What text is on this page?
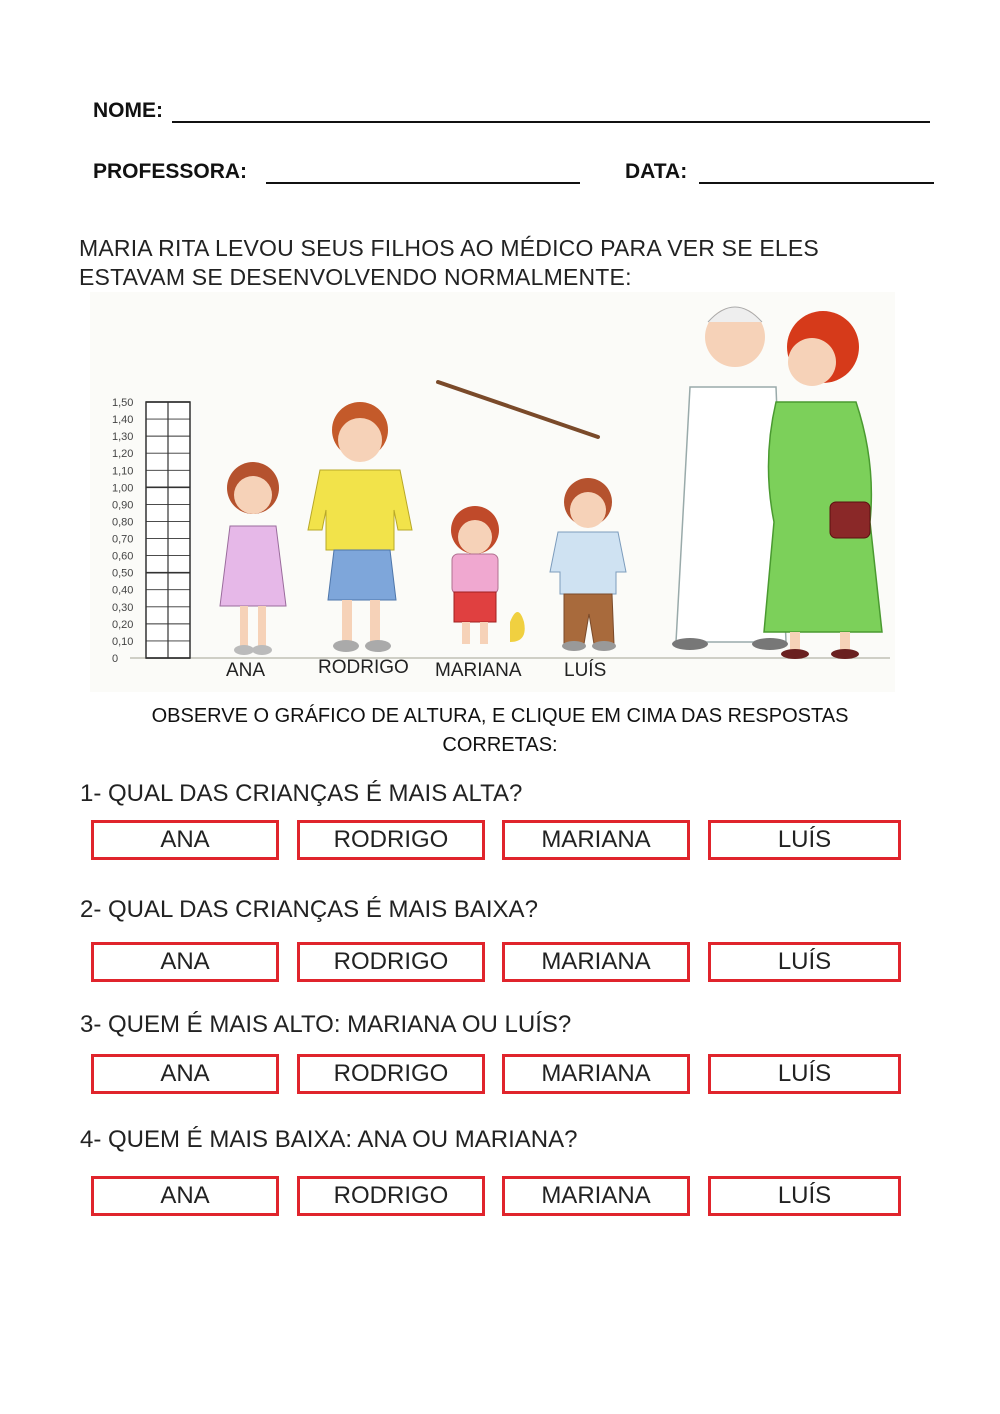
NOME:
PROFESSORA:	DATA:
MARIA RITA LEVOU SEUS FILHOS AO MÉDICO PARA VER SE ELES
ESTAVAM SE DESENVOLVENDO NORMALMENTE:
1,50
1,40
1,30
1,20
1,10
1,00
0,90
0,80
0,70
0,60
0,50
0,40
0,30
0,20
0,10
0
ANA	RODRIGO MARIANA LUÍS
OBSERVE O GRÁFICO DE ALTURA, E CLIQUE EM CIMA DAS RESPOSTAS
CORRETAS:
1- QUAL DAS CRIANÇAS É MAIS ALTA?
ANA	RODRIGO	MARIANA	LUÍS
2- QUAL DAS CRIANÇAS É MAIS BAIXA?
ANA	RODRIGO	MARIANA	LUÍS
3- QUEM É MAIS ALTO: MARIANA OU LUÍS?
ANA	RODRIGO	MARIANA	LUÍS
4- QUEM É MAIS BAIXA: ANA OU MARIANA?
ANA	RODRIGO	MARIANA	LUÍS
